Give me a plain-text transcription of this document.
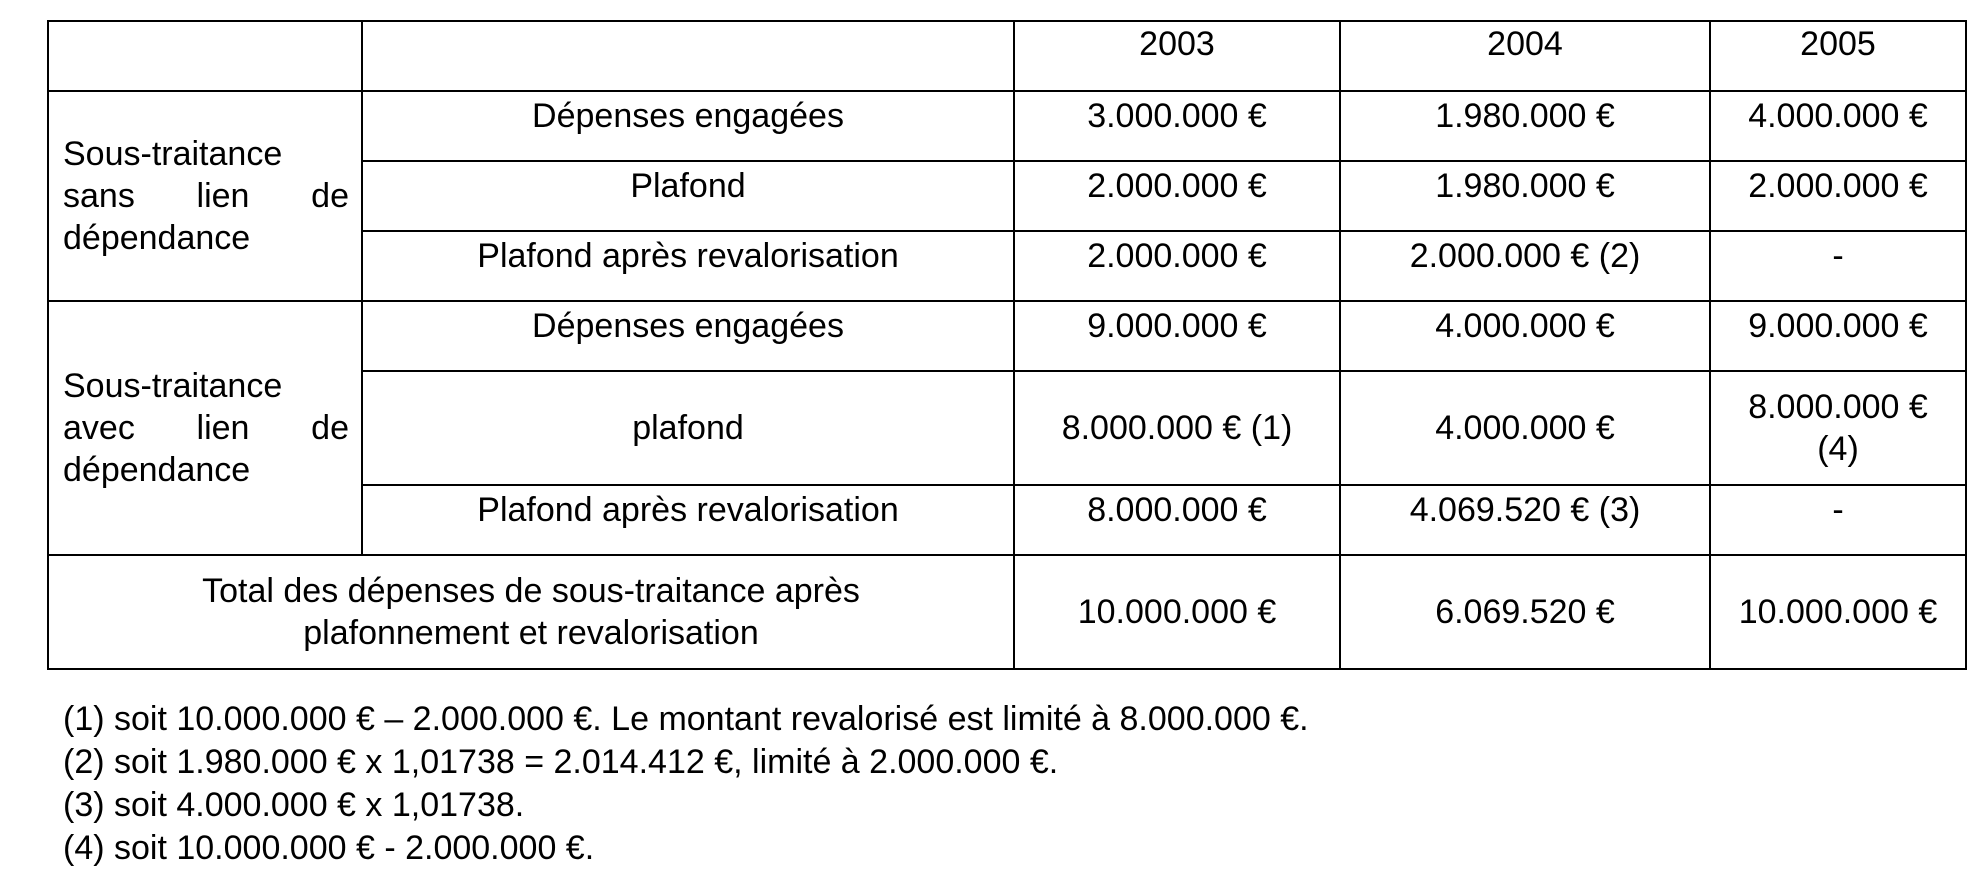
		2003	2004	2005

Sous-traitance
sans lien de
dépendance	Dépenses engagées	3.000.000 €	1.980.000 €	4.000.000 €
	Plafond	2.000.000 €	1.980.000 €	2.000.000 €
	Plafond après revalorisation	2.000.000 €	2.000.000 € (2)	-

Sous-traitance
avec lien de
dépendance	Dépenses engagées	9.000.000 €	4.000.000 €	9.000.000 €
	plafond	8.000.000 € (1)	4.000.000 €	8.000.000 € (4)
	Plafond après revalorisation	8.000.000 €	4.069.520 € (3)	-

Total des dépenses de sous-traitance après
plafonnement et revalorisation		10.000.000 €	6.069.520 €	10.000.000 €
(1) soit 10.000.000 € – 2.000.000 €. Le montant revalorisé est limité à 8.000.000 €.
(2) soit 1.980.000 € x 1,01738 = 2.014.412 €, limité à 2.000.000 €.
(3) soit 4.000.000 € x 1,01738.
(4) soit 10.000.000 € - 2.000.000 €.
